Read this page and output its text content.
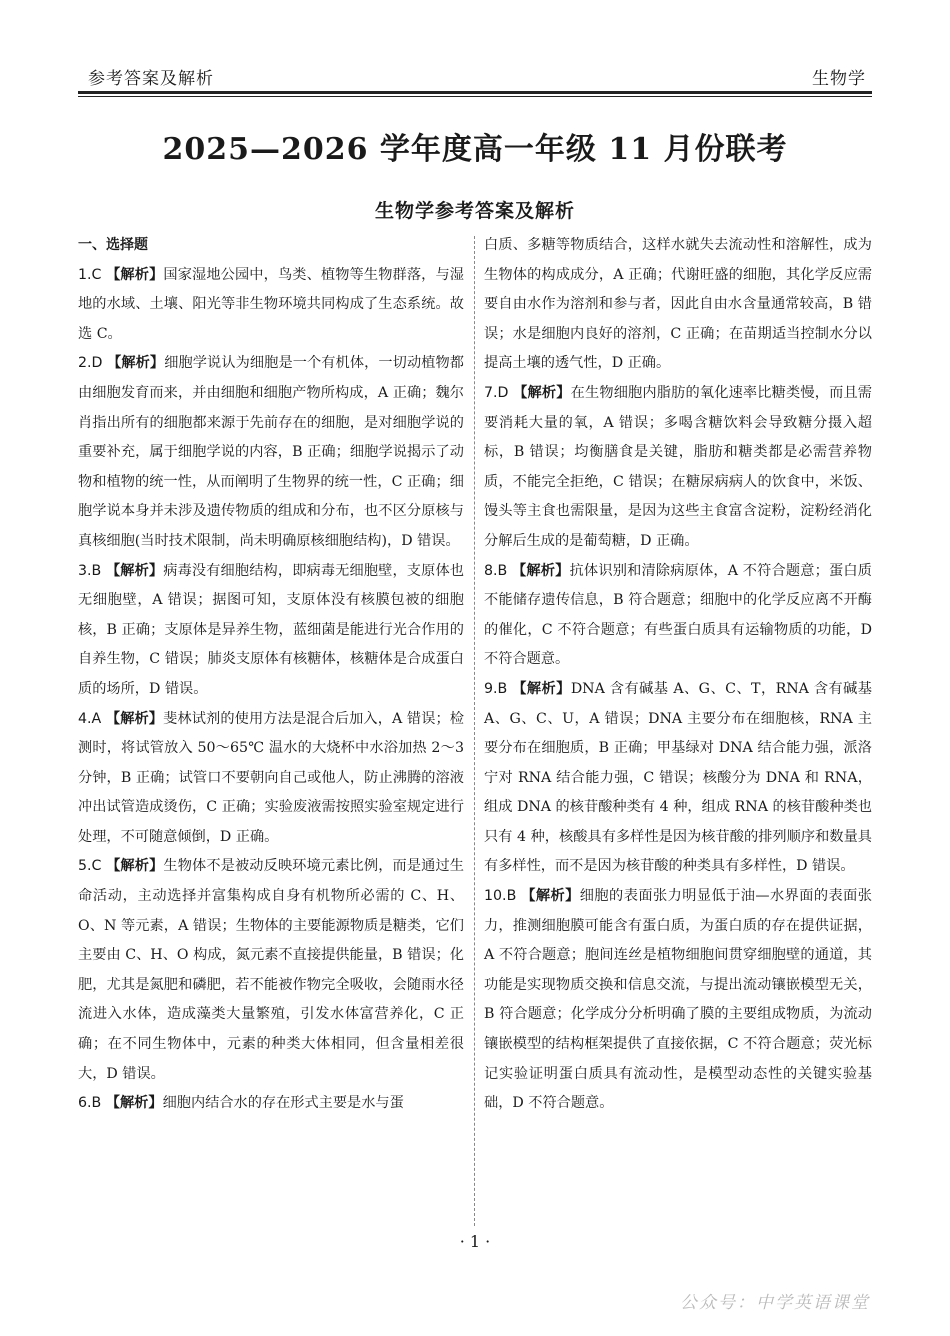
参考答案及解析	生物学
2025—2026 学年度高一年级 11 月份联考
生物学参考答案及解析
一、选择题

1.C 【解析】国家湿地公园中，鸟类、植物等生物群落，与湿地的水域、土壤、阳光等非生物环境共同构成了生态系统。故选 C。

2.D 【解析】细胞学说认为细胞是一个有机体，一切动植物都由细胞发育而来，并由细胞和细胞产物所构成，A 正确；魏尔肖指出所有的细胞都来源于先前存在的细胞，是对细胞学说的重要补充，属于细胞学说的内容，B 正确；细胞学说揭示了动物和植物的统一性，从而阐明了生物界的统一性，C 正确；细胞学说本身并未涉及遗传物质的组成和分布，也不区分原核与真核细胞(当时技术限制，尚未明确原核细胞结构)，D 错误。

3.B 【解析】病毒没有细胞结构，即病毒无细胞壁，支原体也无细胞壁，A 错误；据图可知，支原体没有核膜包被的细胞核，B 正确；支原体是异养生物，蓝细菌是能进行光合作用的自养生物，C 错误；肺炎支原体有核糖体，核糖体是合成蛋白质的场所，D 错误。

4.A 【解析】斐林试剂的使用方法是混合后加入，A 错误；检测时，将试管放入 50～65℃ 温水的大烧杯中水浴加热 2～3 分钟，B 正确；试管口不要朝向自己或他人，防止沸腾的溶液冲出试管造成烫伤，C 正确；实验废液需按照实验室规定进行处理，不可随意倾倒，D 正确。

5.C 【解析】生物体不是被动反映环境元素比例，而是通过生命活动，主动选择并富集构成自身有机物所必需的 C、H、O、N 等元素，A 错误；生物体的主要能源物质是糖类，它们主要由 C、H、O 构成，氮元素不直接提供能量，B 错误；化肥，尤其是氮肥和磷肥，若不能被作物完全吸收，会随雨水径流进入水体，造成藻类大量繁殖，引发水体富营养化，C 正确；在不同生物体中，元素的种类大体相同，但含量相差很大，D 错误。

6.B 【解析】细胞内结合水的存在形式主要是水与蛋

白质、多糖等物质结合，这样水就失去流动性和溶解性，成为生物体的构成成分，A 正确；代谢旺盛的细胞，其化学反应需要自由水作为溶剂和参与者，因此自由水含量通常较高，B 错误；水是细胞内良好的溶剂，C 正确；在苗期适当控制水分以提高土壤的透气性，D 正确。

7.D 【解析】在生物细胞内脂肪的氧化速率比糖类慢，而且需要消耗大量的氧，A 错误；多喝含糖饮料会导致糖分摄入超标，B 错误；均衡膳食是关键，脂肪和糖类都是必需营养物质，不能完全拒绝，C 错误；在糖尿病病人的饮食中，米饭、馒头等主食也需限量，是因为这些主食富含淀粉，淀粉经消化分解后生成的是葡萄糖，D 正确。

8.B 【解析】抗体识别和清除病原体，A 不符合题意；蛋白质不能储存遗传信息，B 符合题意；细胞中的化学反应离不开酶的催化，C 不符合题意；有些蛋白质具有运输物质的功能，D 不符合题意。

9.B 【解析】DNA 含有碱基 A、G、C、T，RNA 含有碱基 A、G、C、U，A 错误；DNA 主要分布在细胞核，RNA 主要分布在细胞质，B 正确；甲基绿对 DNA 结合能力强，派洛宁对 RNA 结合能力强，C 错误；核酸分为 DNA 和 RNA，组成 DNA 的核苷酸种类有 4 种，组成 RNA 的核苷酸种类也只有 4 种，核酸具有多样性是因为核苷酸的排列顺序和数量具有多样性，而不是因为核苷酸的种类具有多样性，D 错误。

10.B 【解析】细胞的表面张力明显低于油—水界面的表面张力，推测细胞膜可能含有蛋白质，为蛋白质的存在提供证据，A 不符合题意；胞间连丝是植物细胞间贯穿细胞壁的通道，其功能是实现物质交换和信息交流，与提出流动镶嵌模型无关，B 符合题意；化学成分分析明确了膜的主要组成物质，为流动镶嵌模型的结构框架提供了直接依据，C 不符合题意；荧光标记实验证明蛋白质具有流动性，是模型动态性的关键实验基础，D 不符合题意。

· 1 ·
公众号：中学英语课堂
